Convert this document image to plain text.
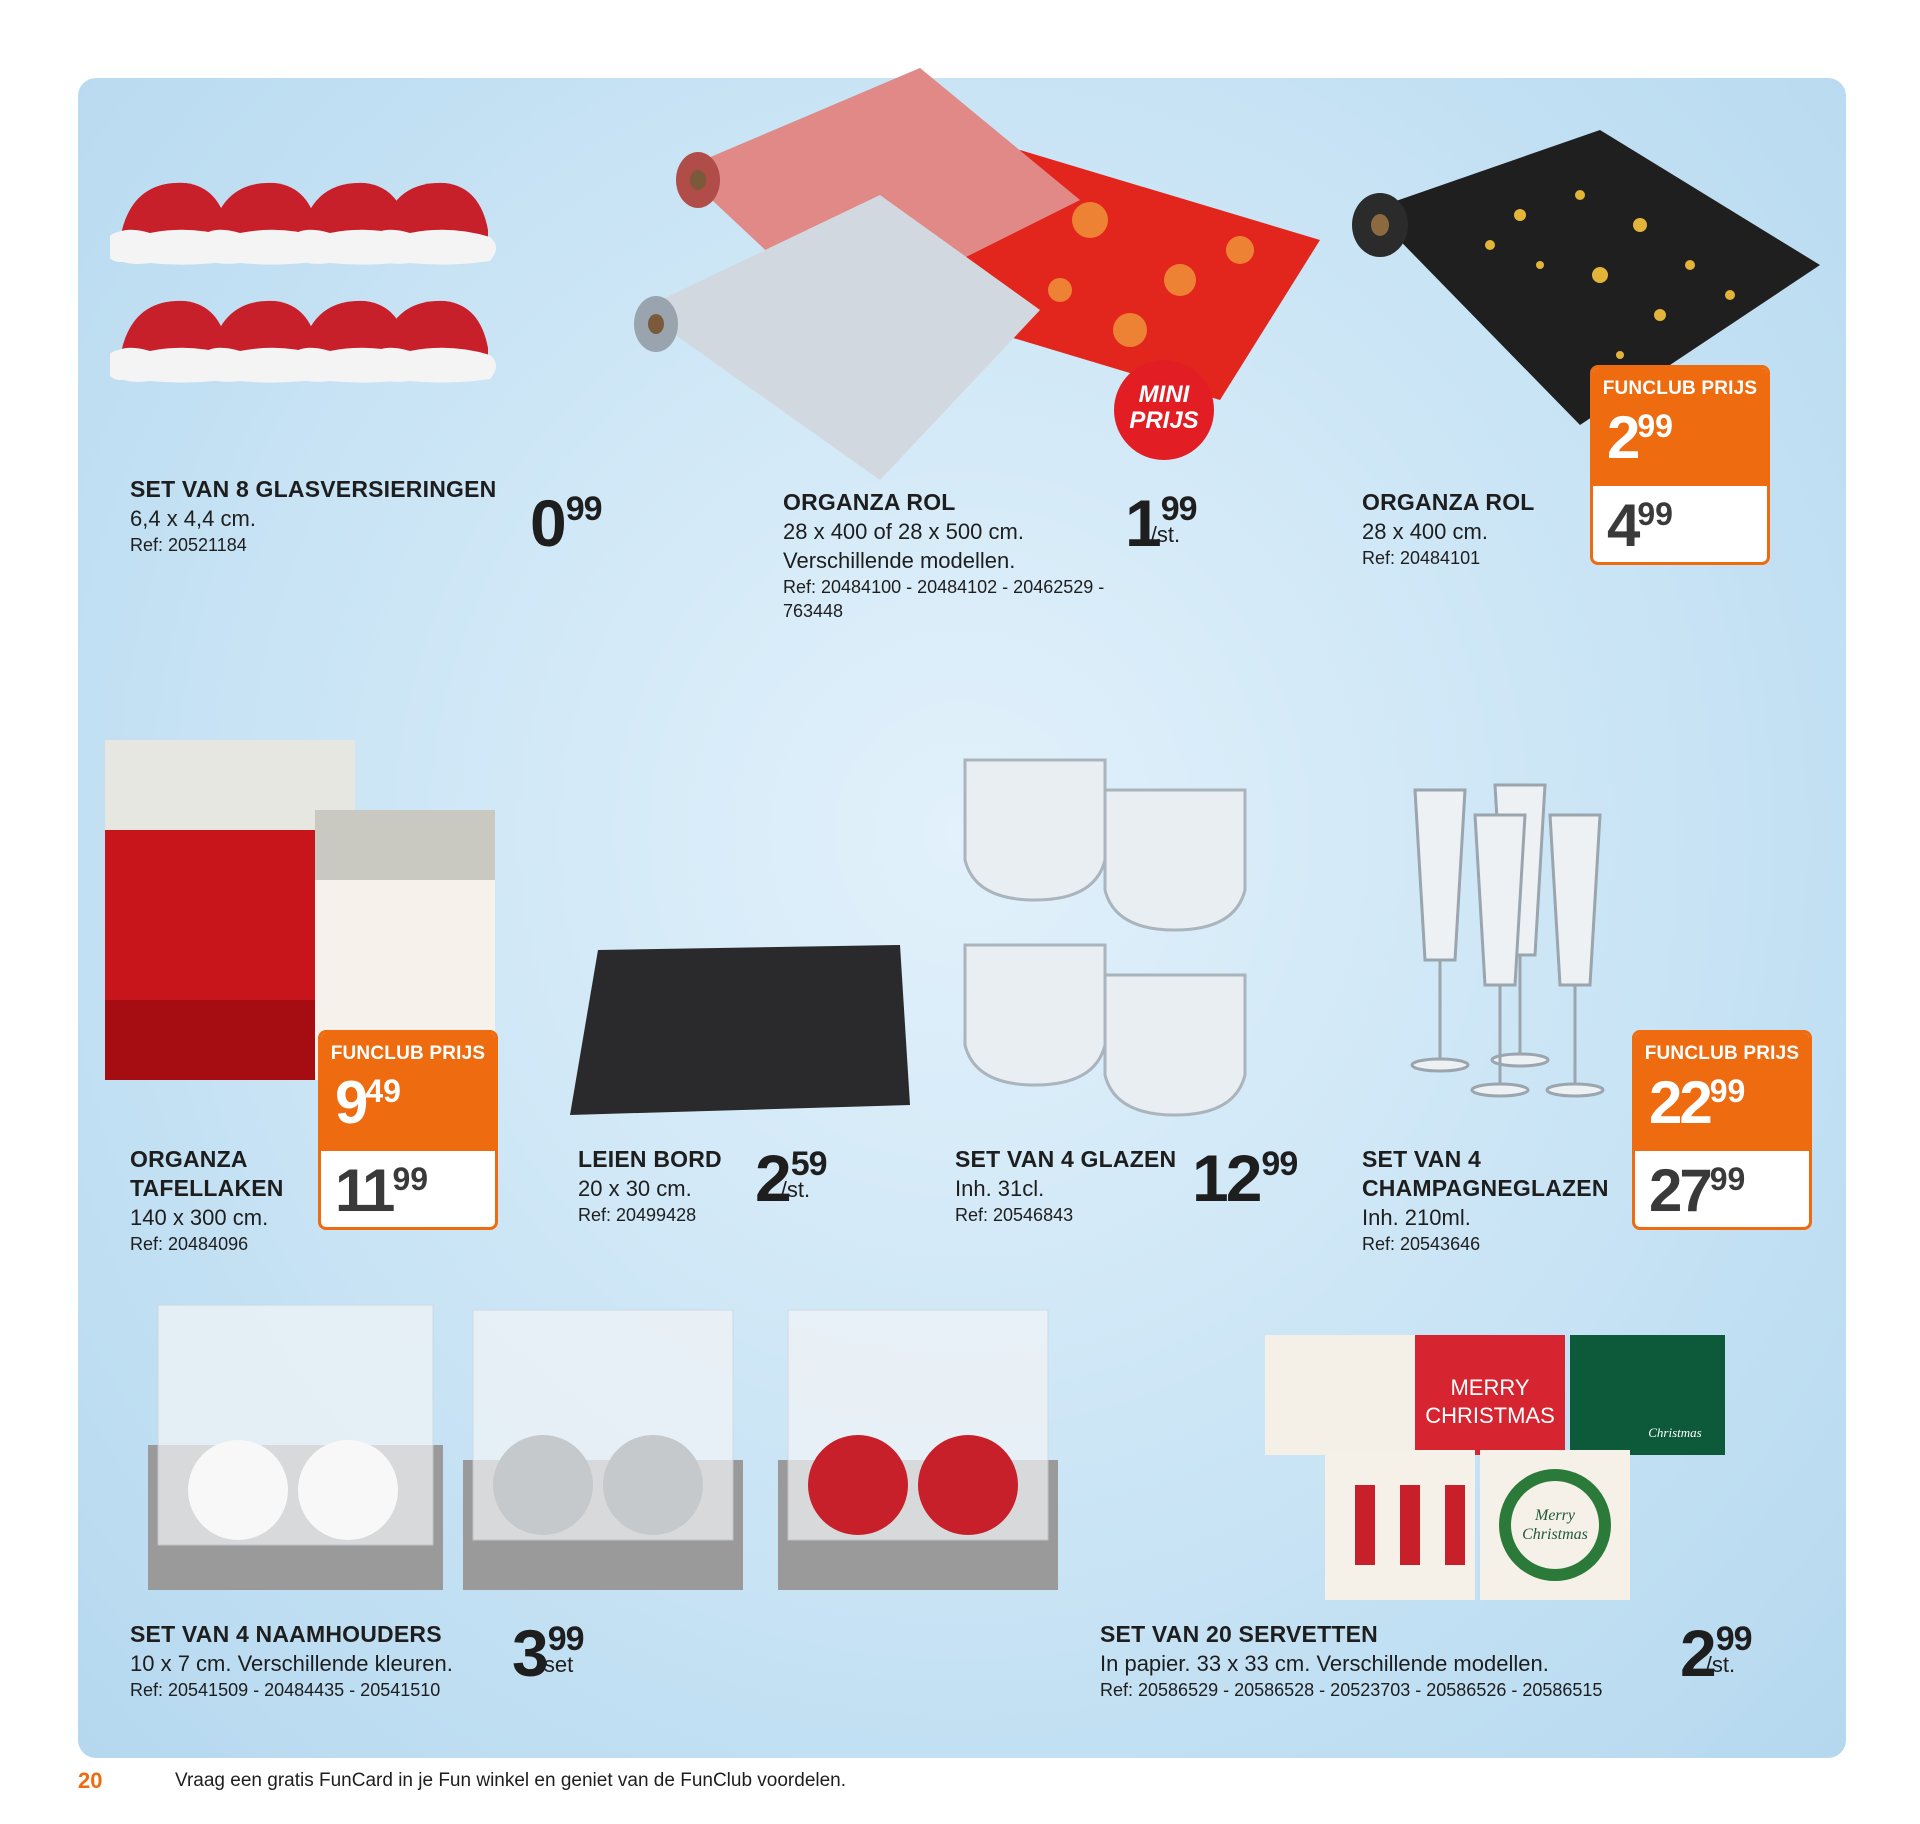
MINI
PRIJS
MERRY
CHRISTMAS
Merry
Christmas
Christmas
SET VAN 8 GLASVERSIERINGEN
6,4 x 4,4 cm.
Ref: 20521184	0 99	ORGANZA ROL
28 x 400 of 28 x 500 cm.
Verschillende modellen.
Ref: 20484100 - 20484102 - 20462529 -
763448
1 99
/st.
ORGANZA ROL
28 x 400 cm.
Ref: 20484101
FUNCLUB PRIJS
299
499
ORGANZA
TAFELLAKEN
140 x 300 cm.
Ref: 20484096
FUNCLUB PRIJS
949
1199
LEIEN BORD
20 x 30 cm.
Ref: 20499428 2 59
/st.
SET VAN 4 GLAZEN
Inh. 31cl.
Ref: 20546843	12 99	SET VAN 4
CHAMPAGNEGLAZEN
Inh. 210ml.
Ref: 20543646
FUNCLUB PRIJS
2299
2799
SET VAN 4 NAAMHOUDERS
10 x 7 cm. Verschillende kleuren.
Ref: 20541509 - 20484435 - 20541510 3 99
/set
SET VAN 20 SERVETTEN
In papier. 33 x 33 cm. Verschillende modellen.
Ref: 20586529 - 20586528 - 20523703 - 20586526 - 20586515 2 99
/st.
20	Vraag een gratis FunCard in je Fun winkel en geniet van de FunClub voordelen.
